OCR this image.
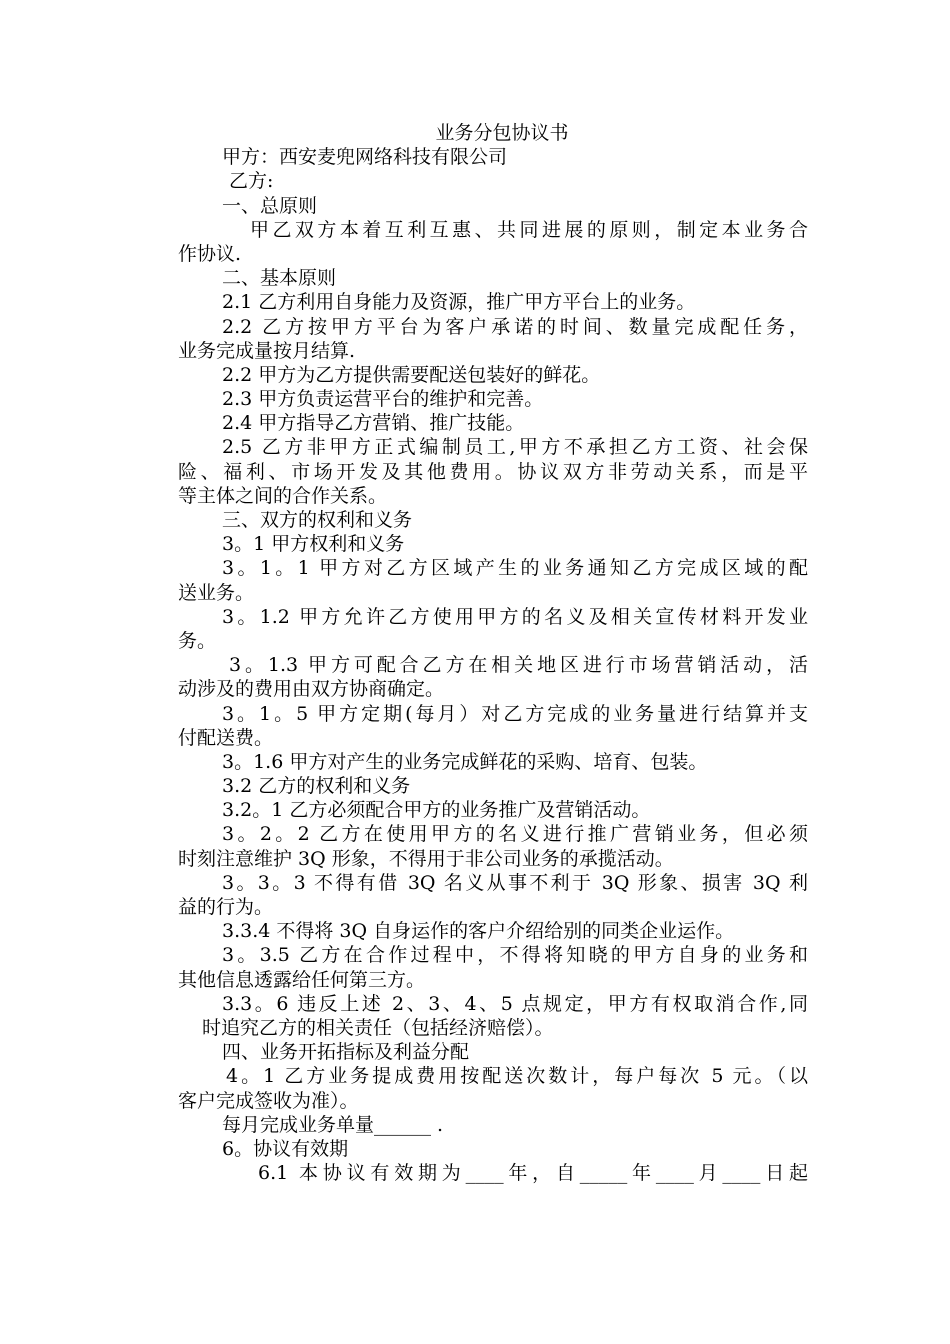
业务分包协议书
甲方：西安麦兜网络科技有限公司
乙方:
一、总原则
甲乙双方本着互利互惠、共同进展的原则，制定本业务合
作协议.
二、基本原则
2.1 乙方利用自身能力及资源，推广甲方平台上的业务。
2.2 乙方按甲方平台为客户承诺的时间、数量完成配任务，
业务完成量按月结算.
2.2 甲方为乙方提供需要配送包装好的鲜花。
2.3 甲方负责运营平台的维护和完善。
2.4 甲方指导乙方营销、推广技能。
2.5 乙方非甲方正式编制员工,甲方不承担乙方工资、社会保
险、福利、市场开发及其他费用。协议双方非劳动关系，而是平
等主体之间的合作关系。
三、双方的权利和义务
3。1 甲方权利和义务
3。1。1 甲方对乙方区域产生的业务通知乙方完成区域的配
送业务。
3。1.2 甲方允许乙方使用甲方的名义及相关宣传材料开发业
务。
3。1.3 甲方可配合乙方在相关地区进行市场营销活动，活
动涉及的费用由双方协商确定。
3。1。5 甲方定期(每月）对乙方完成的业务量进行结算并支
付配送费。
3。1.6 甲方对产生的业务完成鲜花的采购、培育、包装。
3.2 乙方的权利和义务
3.2。1 乙方必须配合甲方的业务推广及营销活动。
3。2。2 乙方在使用甲方的名义进行推广营销业务，但必须
时刻注意维护 3Q 形象，不得用于非公司业务的承揽活动。
3。3。3 不得有借 3Q 名义从事不利于 3Q 形象、损害 3Q 利
益的行为。
3.3.4 不得将 3Q 自身运作的客户介绍给别的同类企业运作。
3。3.5 乙方在合作过程中，不得将知晓的甲方自身的业务和
其他信息透露给任何第三方。
3.3。6 违反上述 2、3、4、5 点规定，甲方有权取消合作,同
时追究乙方的相关责任（包括经济赔偿）。
四、业务开拓指标及利益分配
4。1 乙方业务提成费用按配送次数计，每户每次 5 元。（以
客户完成签收为准）。
每月完成业务单量______ .
6。协议有效期
6.1 本协议有效期为____年，自_____年____月____日起
